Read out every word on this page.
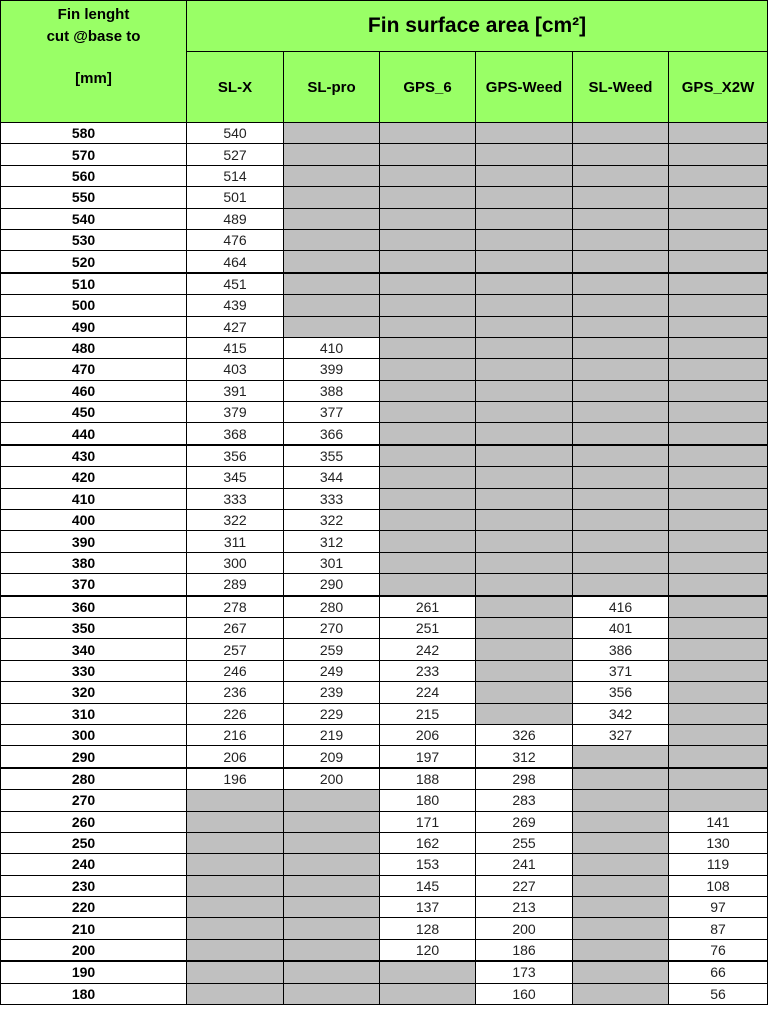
Fin lenght
cut @base to
[mm]	Fin surface area [cm²]					
	SL-X	SL-pro	GPS_6	GPS-Weed	SL-Weed	GPS_X2W
580	540					
570	527					
560	514					
550	501					
540	489					
530	476					
520	464					
510	451					
500	439					
490	427					
480	415	410				
470	403	399				
460	391	388				
450	379	377				
440	368	366				
430	356	355				
420	345	344				
410	333	333				
400	322	322				
390	311	312				
380	300	301				
370	289	290				
360	278	280	261		416	
350	267	270	251		401	
340	257	259	242		386	
330	246	249	233		371	
320	236	239	224		356	
310	226	229	215		342	
300	216	219	206	326	327	
290	206	209	197	312		
280	196	200	188	298		
270			180	283		
260			171	269		141
250			162	255		130
240			153	241		119
230			145	227		108
220			137	213		97
210			128	200		87
200			120	186		76
190				173		66
180				160		56
